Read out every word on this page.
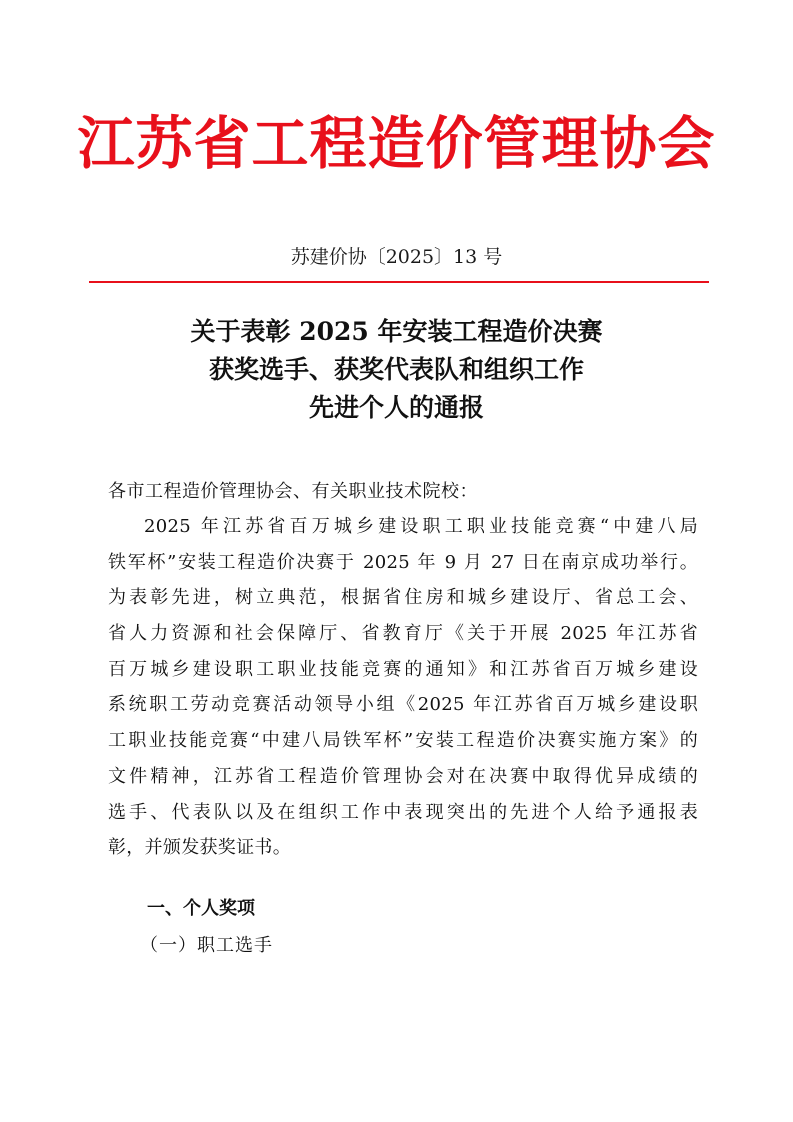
江苏省工程造价管理协会
苏建价协〔2025〕13 号
关于表彰 2025 年安装工程造价决赛
获奖选手、获奖代表队和组织工作
先进个人的通报
各市工程造价管理协会、有关职业技术院校：
2025 年江苏省百万城乡建设职工职业技能竞赛“中建八局
铁军杯”安装工程造价决赛于 2025 年 9 月 27 日在南京成功举行。
为表彰先进，树立典范，根据省住房和城乡建设厅、省总工会、
省人力资源和社会保障厅、省教育厅《关于开展 2025 年江苏省
百万城乡建设职工职业技能竞赛的通知》和江苏省百万城乡建设
系统职工劳动竞赛活动领导小组《2025 年江苏省百万城乡建设职
工职业技能竞赛“中建八局铁军杯”安装工程造价决赛实施方案》的
文件精神，江苏省工程造价管理协会对在决赛中取得优异成绩的
选手、代表队以及在组织工作中表现突出的先进个人给予通报表
彰，并颁发获奖证书。
一、个人奖项
（一）职工选手
